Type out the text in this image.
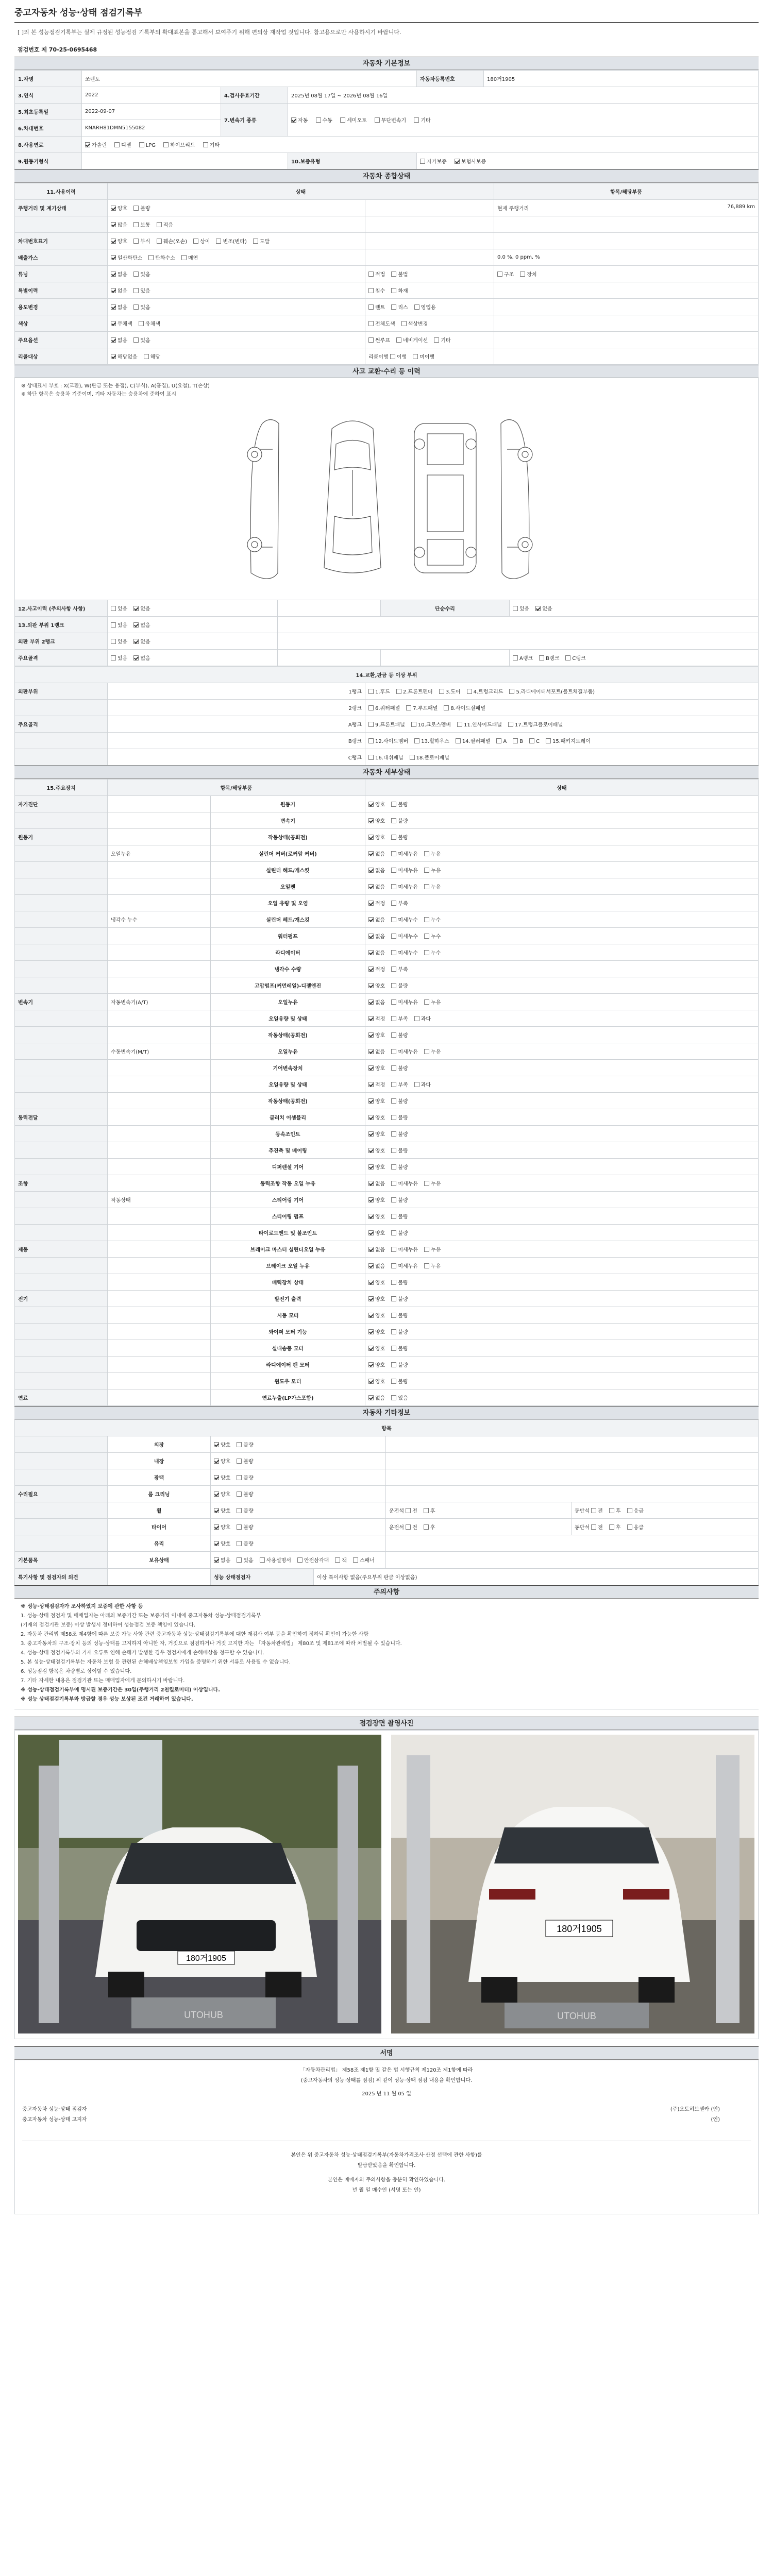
중고자동차 성능·상태 점검기록부
[ ]의 본 성능점검기록부는 실제 규정된 성능점검 기록부의 확대표본을 통고해서 보여주기 위해 편의상 재작업 것입니다. 참고용으로만 사용하시기 바랍니다.
점검번호 제 70-25-0695468
자동차 기본정보
1.차명	쏘렌토			자동차등록번호	180거1905
3.연식	2022	4.검사유효기간	2025년 08월 17일 ~ 2026년 08월 16일		
5.최초등록일	2022-09-07	7.변속기 종류	자동 수동 세미오토 무단변속기 기타		
6.차대번호	KNARH81DMN5155082				
8.사용연료	가솔린 디젤 LPG 하이브리드 기타				
9.원동기형식			10.보증유형	자가보증 보험사보증	
자동차 종합상태
11.사용이력	상태		항목/해당부품
주행거리 및 계기상태	양호 불량		현재 주행거리 76,889 km

	많음 보통 적음		

차대번호표기	양호 부식 훼손(오손) 상이 변조(변타) 도말		

배출가스	일산화탄소 탄화수소 매연		0.0 %, 0 ppm, %

튜닝	없음 있음	적법 불법	구조 장치
특별이력	없음 있음	침수 화재	
용도변경	없음 있음	렌트 리스 영업용	
색상	무채색 유채색	전체도색 색상변경	
주요옵션	없음 있음	썬루프 네비게이션 기타	
리콜대상	해당없음 해당	리콜이행 이행 미이행	
사고 교환·수리 등 이력
※ 상태표시 부호 : X(교환), W(판금 또는 용접), C(부식), A(흠집), U(요철), T(손상)
※ 하단 항목은 승용차 기준이며, 기타 자동차는 승용차에 준하여 표시
12.사고이력 (주의사항 사항)	있음 없음		단순수리	있음 없음
13.외판 부위 1랭크	있음 없음			
외판 부위 2랭크	있음 없음			
주요골격	있음 없음			A랭크 B랭크 C랭크
14.교환,판금 등 이상 부위		
외판부위	1랭크	1.후드 2.프론트펜더 3.도어 4.트렁크리드 5.라디에이터서포트(볼트체결부품)
	2랭크	6.쿼터패널 7.루프패널 8.사이드실패널
주요골격	A랭크	9.프론트패널 10.크로스멤버 11.인사이드패널 17.트렁크플로어패널
	B랭크	12.사이드멤버 13.휠하우스 14.필러패널 A B C 15.패키지트레이
	C랭크	16.대쉬패널 18.플로어패널
자동차 세부상태
15.주요장치	항목/해당부품		상태
자기진단		원동기	양호 불량
		변속기	양호 불량
원동기		작동상태(공회전)	양호 불량
	오일누유	실린더 커버(로커암 커버)	없음 미세누유 누유
		실린더 헤드/개스킷	없음 미세누유 누유
		오일팬	없음 미세누유 누유
		오일 유량 및 오염	적정 부족
	냉각수 누수	실린더 헤드/개스킷	없음 미세누수 누수
		워터펌프	없음 미세누수 누수
		라디에이터	없음 미세누수 누수
		냉각수 수량	적정 부족
		고압펌프(커먼레일)-디젤엔진	양호 불량
변속기	자동변속기(A/T)	오일누유	없음 미세누유 누유
		오일유량 및 상태	적정 부족 과다
		작동상태(공회전)	양호 불량
	수동변속기(M/T)	오일누유	없음 미세누유 누유
		기어변속장치	양호 불량
		오일유량 및 상태	적정 부족 과다
		작동상태(공회전)	양호 불량
동력전달		클러치 어셈블리	양호 불량
		등속조인트	양호 불량
		추진축 및 베어링	양호 불량
		디퍼렌셜 기어	양호 불량
조향		동력조향 작동 오일 누유	없음 미세누유 누유
	작동상태	스티어링 기어	양호 불량
		스티어링 펌프	양호 불량
		타이로드엔드 및 볼조인트	양호 불량
제동		브레이크 마스터 실린더오일 누유	없음 미세누유 누유
		브레이크 오일 누유	없음 미세누유 누유
		배력장치 상태	양호 불량
전기		발전기 출력	양호 불량
		시동 모터	양호 불량
		와이퍼 모터 기능	양호 불량
		실내송풍 모터	양호 불량
		라디에이터 팬 모터	양호 불량
		윈도우 모터	양호 불량
연료		연료누출(LP가스포함)	없음 있음
자동차 기타정보
항목				
	외장	양호 불량		
	내장	양호 불량		
	광택	양호 불량		
수리필요	룸 크리닝	양호 불량		
	휠	양호 불량	운전석 전 후	동반석 전 후 응급
	타이어	양호 불량	운전석 전 후	동반석 전 후 응급
	유리	양호 불량		
기본품목	보유상태	없음 있음 사용설명서 안전삼각대 잭 스패너		
특기사항 및 점검자의 의견		성능 상태점검자	이상 특이사항 없음(주요부위 판금 이상없음)
주의사항

※ 성능·상태점검자가 조사하였지 보증에 관한 사항 등

1. 성능·상태 점검자 및 매매업자는 아래의 보증기간 또는 보증거리 이내에 중고자동차 성능·상태점검기록부

(기재의 점검기관 보증) 이상 발생시 정비하여 성능점검 보증 책임이 있습니다.

2. 자동차 관리법 제58조 제4항에 따른 보증 가능 사항 관련 중고자동차 성능·상태점검기록부에 대한 재검사 여부 등을 확인하여 정하되 확인이 가능한 사항

3. 중고자동차의 구조·장치 등의 성능·상태를 고지하지 아니한 자, 거짓으로 점검하거나 거짓 고지한 자는 「자동차관리법」 제80조 및 제81조에 따라 처벌될 수 있습니다.

4. 성능·상태 점검기록부의 기재 오류로 인해 손해가 발생한 경우 점검자에게 손해배상을 청구할 수 있습니다.

5. 본 성능·상태점검기록부는 자동차 보험 등 관련된 손해배상책임보험 가입을 증명하기 위한 서류로 사용될 수 없습니다.

6. 성능점검 항목은 차량별로 상이할 수 있습니다.

7. 기타 자세한 내용은 점검기관 또는 매매업자에게 문의하시기 바랍니다.

※ 성능·상태점검기록부에 명시된 보증기간은 30일(주행거리 2천킬로미터) 이상입니다.

※ 성능 상태점검기록부와 방급할 경우 성능 보상된 조건 거래하여 있습니다.

점검장면 촬영사진
180거1905
UTOHUB
180거1905
UTOHUB
서명
「자동차관리법」 제58조 제1항 및 같은 법 시행규칙 제120조 제1항에 따라
(중고자동차의 성능·상태를 점검) 위 같이 성능·상태 점검 내용을 확인합니다.
2025 년 11 월 05 일
중고자동차 성능·상태 점검자	(주)오토허브셀카 (인)
중고자동차 성능·상태 고지자	(인)
본인은 위 중고자동차 성능·상태점검기록부(자동차가격조사·산정 선택에 관한 사항)를
발급받았음을 확인합니다.
본인은 매매자의 주의사항을 충분히 확인하였습니다.
년 월 일 매수인 (서명 또는 인)
